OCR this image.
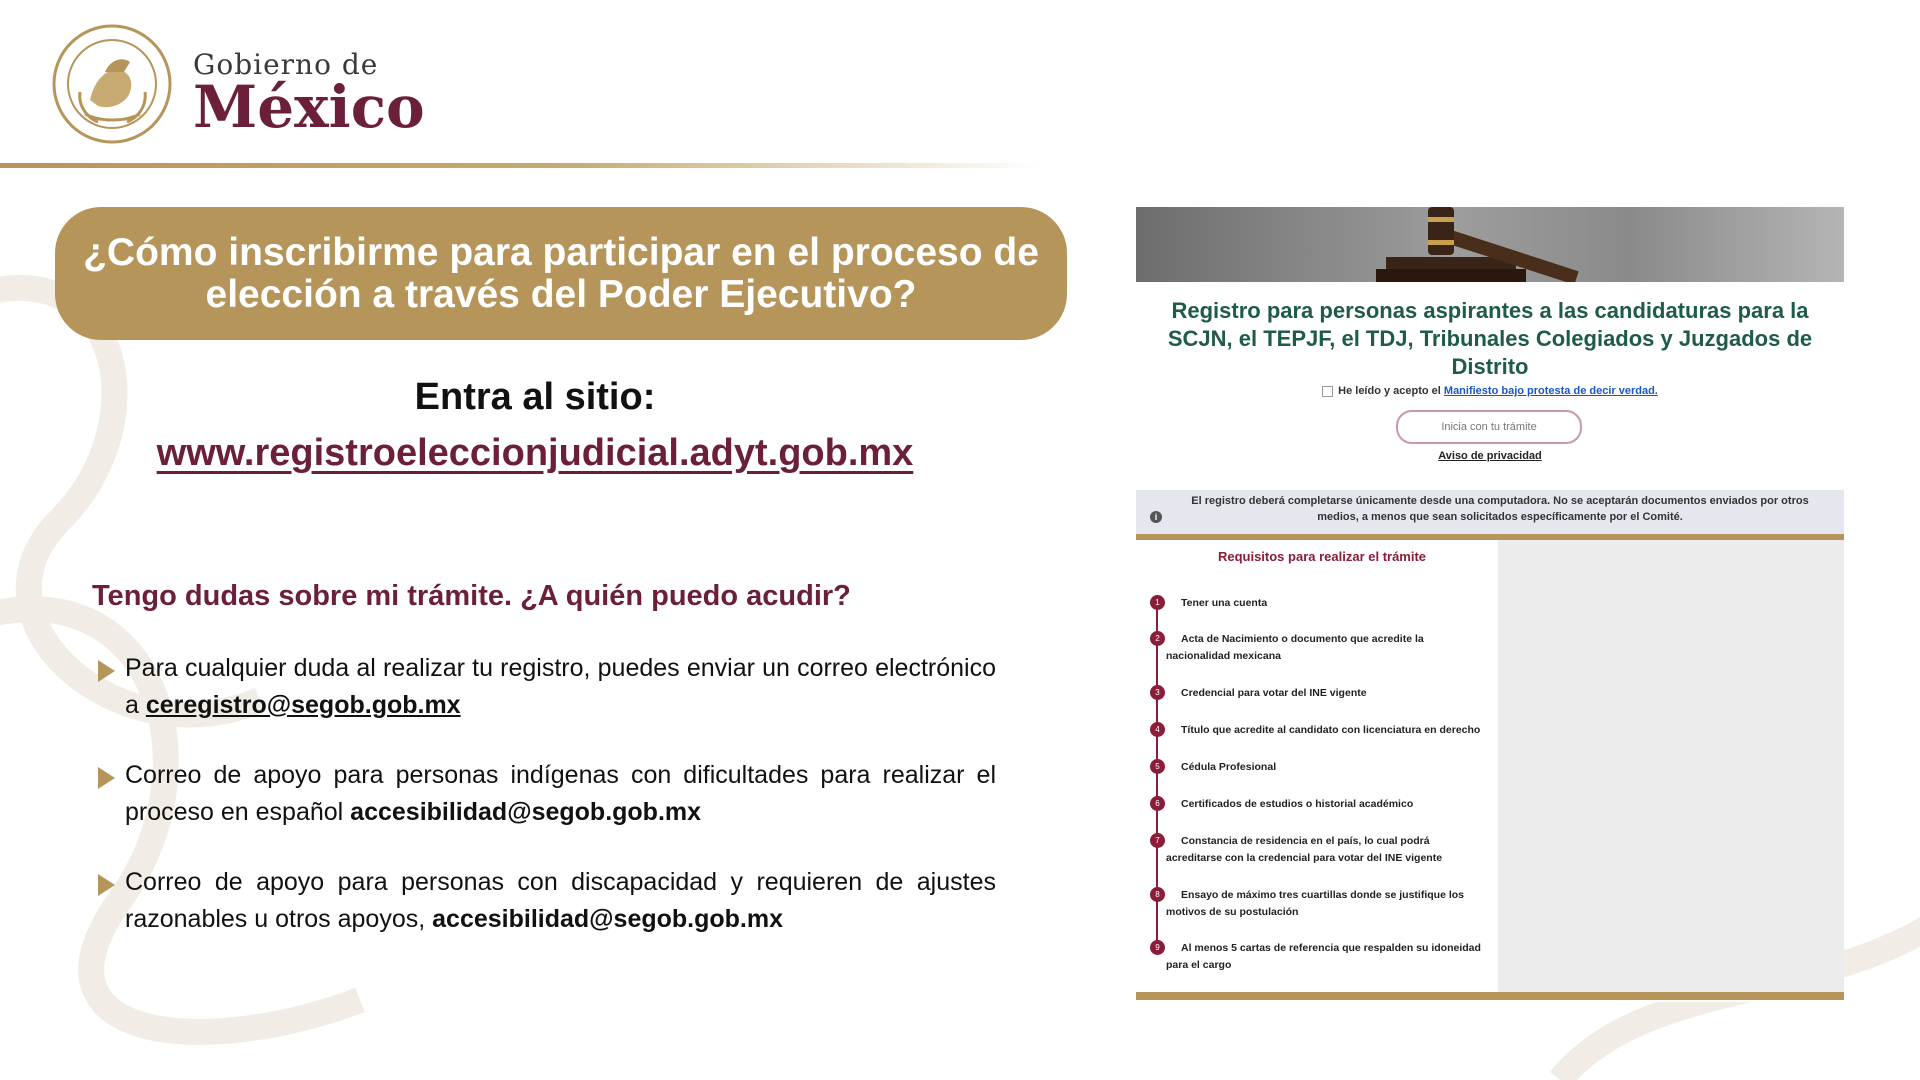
Gobierno de
México
¿Cómo inscribirme para participar en el proceso de elección a través del Poder Ejecutivo?
Entra al sitio:
www.registroeleccionjudicial.adyt.gob.mx
Tengo dudas sobre mi trámite. ¿A quién puedo acudir?
Para cualquier duda al realizar tu registro, puedes enviar un correo electrónico a ceregistro@segob.gob.mx
Correo de apoyo para personas indígenas con dificultades para realizar el proceso en español accesibilidad@segob.gob.mx
Correo de apoyo para personas con discapacidad y requieren de ajustes razonables u otros apoyos, accesibilidad@segob.gob.mx
Registro para personas aspirantes a las candidaturas para la SCJN, el TEPJF, el TDJ, Tribunales Colegiados y Juzgados de Distrito
He leído y acepto el Manifiesto bajo protesta de decir verdad.
Inicia con tu trámite
Aviso de privacidad
iEl registro deberá completarse únicamente desde una computadora. No se aceptarán documentos enviados por otros medios, a menos que sean solicitados específicamente por el Comité.
Requisitos para realizar el trámite
1	Tener una cuenta
2	Acta de Nacimiento o documento que acredite la nacionalidad mexicana
3	Credencial para votar del INE vigente
4	Título que acredite al candidato con licenciatura en derecho
5	Cédula Profesional
6	Certificados de estudios o historial académico
7	Constancia de residencia en el país, lo cual podrá acreditarse con la credencial para votar del INE vigente
8	Ensayo de máximo tres cuartillas donde se justifique los motivos de su postulación
9	Al menos 5 cartas de referencia que respalden su idoneidad para el cargo
